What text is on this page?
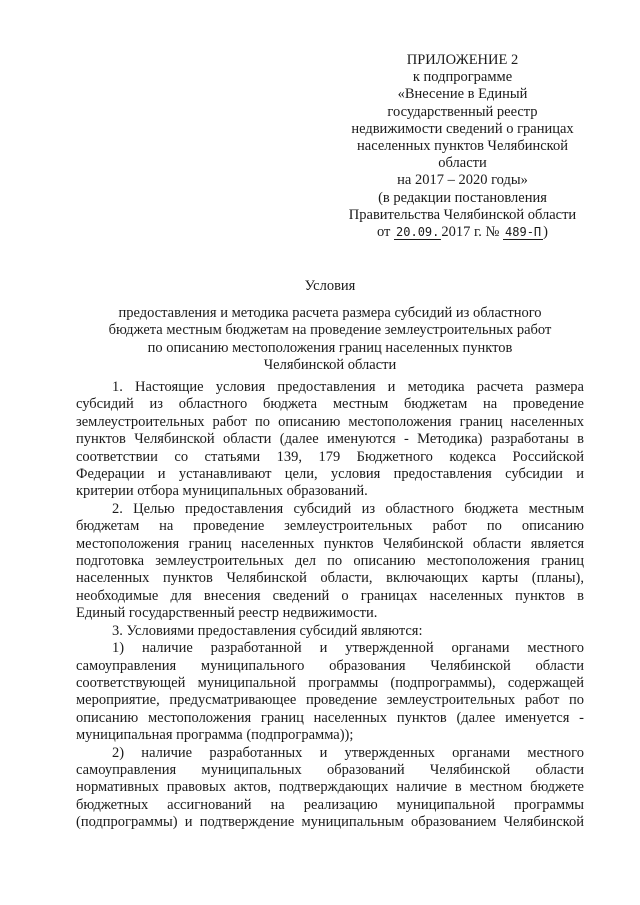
ПРИЛОЖЕНИЕ 2
к подпрограмме
«Внесение в Единый
государственный реестр
недвижимости сведений о границах
населенных пунктов Челябинской
области
на 2017 – 2020 годы»
(в редакции постановления
Правительства Челябинской области
от 20.09. 2017 г. № 489-П )
Условия
предоставления и методика расчета размера субсидий из областного
бюджета местным бюджетам на проведение землеустроительных работ
по описанию местоположения границ населенных пунктов
Челябинской области
1. Настоящие условия предоставления и методика расчета размера
субсидий из областного бюджета местным бюджетам на проведение
землеустроительных работ по описанию местоположения границ населенных
пунктов Челябинской области (далее именуются - Методика) разработаны в
соответствии со статьями 139, 179 Бюджетного кодекса Российской
Федерации и устанавливают цели, условия предоставления субсидии и
критерии отбора муниципальных образований.
2. Целью предоставления субсидий из областного бюджета местным
бюджетам на проведение землеустроительных работ по описанию
местоположения границ населенных пунктов Челябинской области является
подготовка землеустроительных дел по описанию местоположения границ
населенных пунктов Челябинской области, включающих карты (планы),
необходимые для внесения сведений о границах населенных пунктов в
Единый государственный реестр недвижимости.
3. Условиями предоставления субсидий являются:
1) наличие разработанной и утвержденной органами местного
самоуправления муниципального образования Челябинской области
соответствующей муниципальной программы (подпрограммы), содержащей
мероприятие, предусматривающее проведение землеустроительных работ по
описанию местоположения границ населенных пунктов (далее именуется -
муниципальная программа (подпрограмма));
2) наличие разработанных и утвержденных органами местного
самоуправления муниципальных образований Челябинской области
нормативных правовых актов, подтверждающих наличие в местном бюджете
бюджетных ассигнований на реализацию муниципальной программы
(подпрограммы) и подтверждение муниципальным образованием Челябинской
